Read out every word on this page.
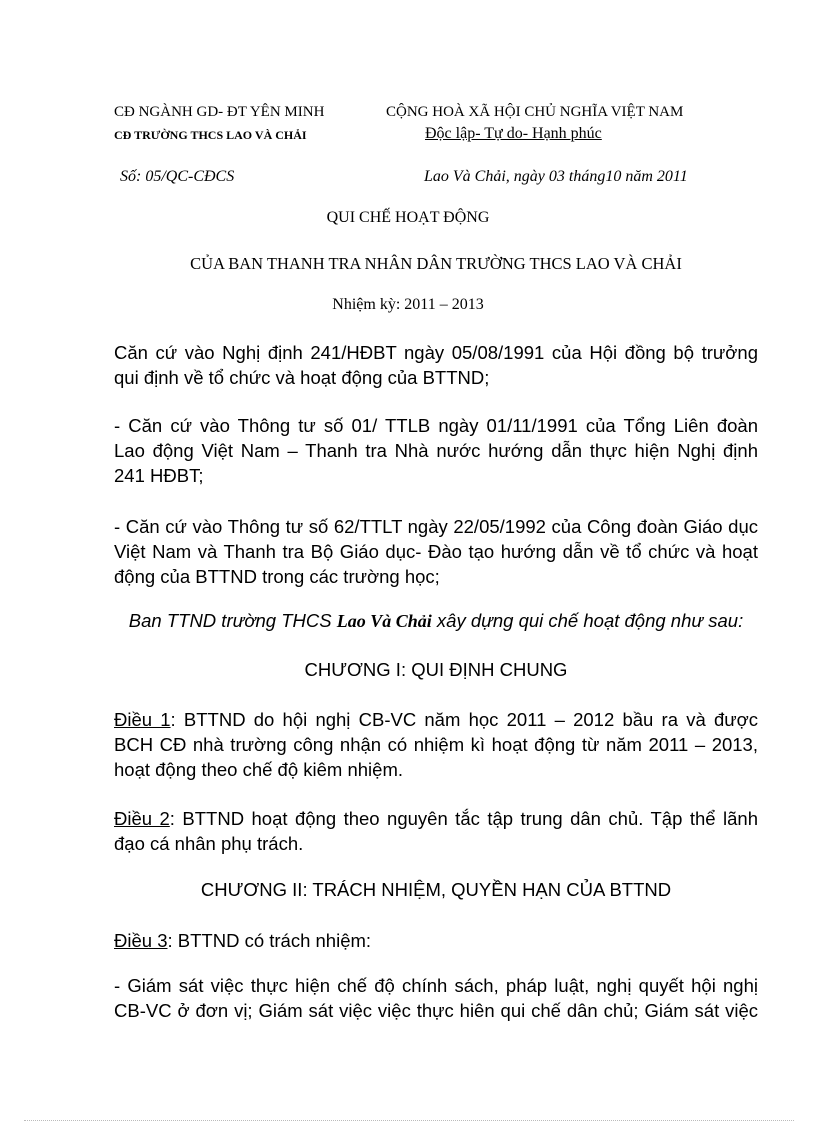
CĐ NGÀNH GD- ĐT YÊN MINH
CĐ TRƯỜNG THCS LAO VÀ CHẢI
CỘNG HOÀ XÃ HỘI CHỦ NGHĨA VIỆT NAM
Độc lập- Tự do- Hạnh phúc
Số: 05/QC-CĐCS	Lao Và Chải, ngày 03 tháng10 năm 2011
QUI CHẾ HOẠT ĐỘNG
CỦA BAN THANH TRA NHÂN DÂN TRƯỜNG THCS LAO VÀ CHẢI
Nhiệm kỳ: 2011 – 2013
Căn cứ vào Nghị định 241/HĐBT ngày 05/08/1991 của Hội đồng bộ trưởng
qui định về tổ chức và hoạt động của BTTND;
- Căn cứ vào Thông tư số 01/ TTLB ngày 01/11/1991 của Tổng Liên đoàn
Lao động Việt Nam – Thanh tra Nhà nước hướng dẫn thực hiện Nghị định
241 HĐBT;
- Căn cứ vào Thông tư số 62/TTLT ngày 22/05/1992 của Công đoàn Giáo dục
Việt Nam và Thanh tra Bộ Giáo dục- Đào tạo hướng dẫn về tổ chức và hoạt
động của BTTND trong các trường học;
Ban TTND trường THCS Lao Và Chải xây dựng qui chế hoạt động như sau:
CHƯƠNG I: QUI ĐỊNH CHUNG
Điều 1: BTTND do hội nghị CB-VC năm học 2011 – 2012 bầu ra và được
BCH CĐ nhà trường công nhận có nhiệm kì hoạt động từ năm 2011 – 2013,
hoạt động theo chế độ kiêm nhiệm.
Điều 2: BTTND hoạt động theo nguyên tắc tập trung dân chủ. Tập thể lãnh
đạo cá nhân phụ trách.
CHƯƠNG II: TRÁCH NHIỆM, QUYỀN HẠN CỦA BTTND
Điều 3: BTTND có trách nhiệm:
- Giám sát việc thực hiện chế độ chính sách, pháp luật, nghị quyết hội nghị
CB-VC ở đơn vị; Giám sát việc việc thực hiên qui chế dân chủ; Giám sát việc
